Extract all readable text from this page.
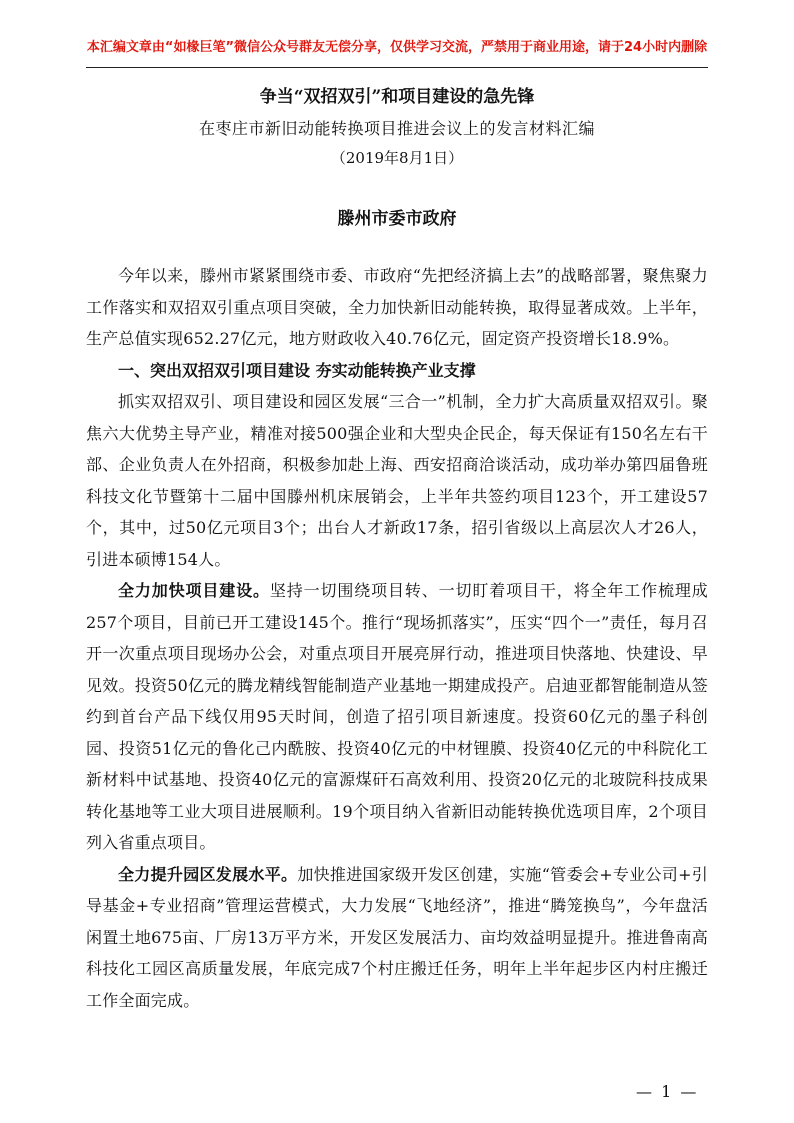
本汇编文章由“如椽巨笔”微信公众号群友无偿分享，仅供学习交流，严禁用于商业用途，请于24小时内删除
争当“双招双引”和项目建设的急先锋
在枣庄市新旧动能转换项目推进会议上的发言材料汇编
（2019年8月1日）
滕州市委市政府

今年以来，滕州市紧紧围绕市委、市政府“先把经济搞上去”的战略部署，聚焦聚力工作落实和双招双引重点项目突破，全力加快新旧动能转换，取得显著成效。上半年，生产总值实现652.27亿元，地方财政收入40.76亿元，固定资产投资增长18.9%。

一、突出双招双引项目建设 夯实动能转换产业支撑

抓实双招双引、项目建设和园区发展“三合一”机制，全力扩大高质量双招双引。聚焦六大优势主导产业，精准对接500强企业和大型央企民企，每天保证有150名左右干部、企业负责人在外招商，积极参加赴上海、西安招商洽谈活动，成功举办第四届鲁班科技文化节暨第十二届中国滕州机床展销会，上半年共签约项目123个，开工建设57个，其中，过50亿元项目3个；出台人才新政17条，招引省级以上高层次人才26人，引进本硕博154人。

全力加快项目建设。坚持一切围绕项目转、一切盯着项目干，将全年工作梳理成257个项目，目前已开工建设145个。推行“现场抓落实”，压实“四个一”责任，每月召开一次重点项目现场办公会，对重点项目开展亮屏行动，推进项目快落地、快建设、早见效。投资50亿元的腾龙精线智能制造产业基地一期建成投产。启迪亚都智能制造从签约到首台产品下线仅用95天时间，创造了招引项目新速度。投资60亿元的墨子科创园、投资51亿元的鲁化己内酰胺、投资40亿元的中材锂膜、投资40亿元的中科院化工新材料中试基地、投资40亿元的富源煤矸石高效利用、投资20亿元的北玻院科技成果转化基地等工业大项目进展顺利。19个项目纳入省新旧动能转换优选项目库，2个项目列入省重点项目。

全力提升园区发展水平。加快推进国家级开发区创建，实施“管委会+专业公司+引导基金+专业招商”管理运营模式，大力发展“飞地经济”，推进“腾笼换鸟”，今年盘活闲置土地675亩、厂房13万平方米，开发区发展活力、亩均效益明显提升。推进鲁南高科技化工园区高质量发展，年底完成7个村庄搬迁任务，明年上半年起步区内村庄搬迁工作全面完成。

— 1 —
